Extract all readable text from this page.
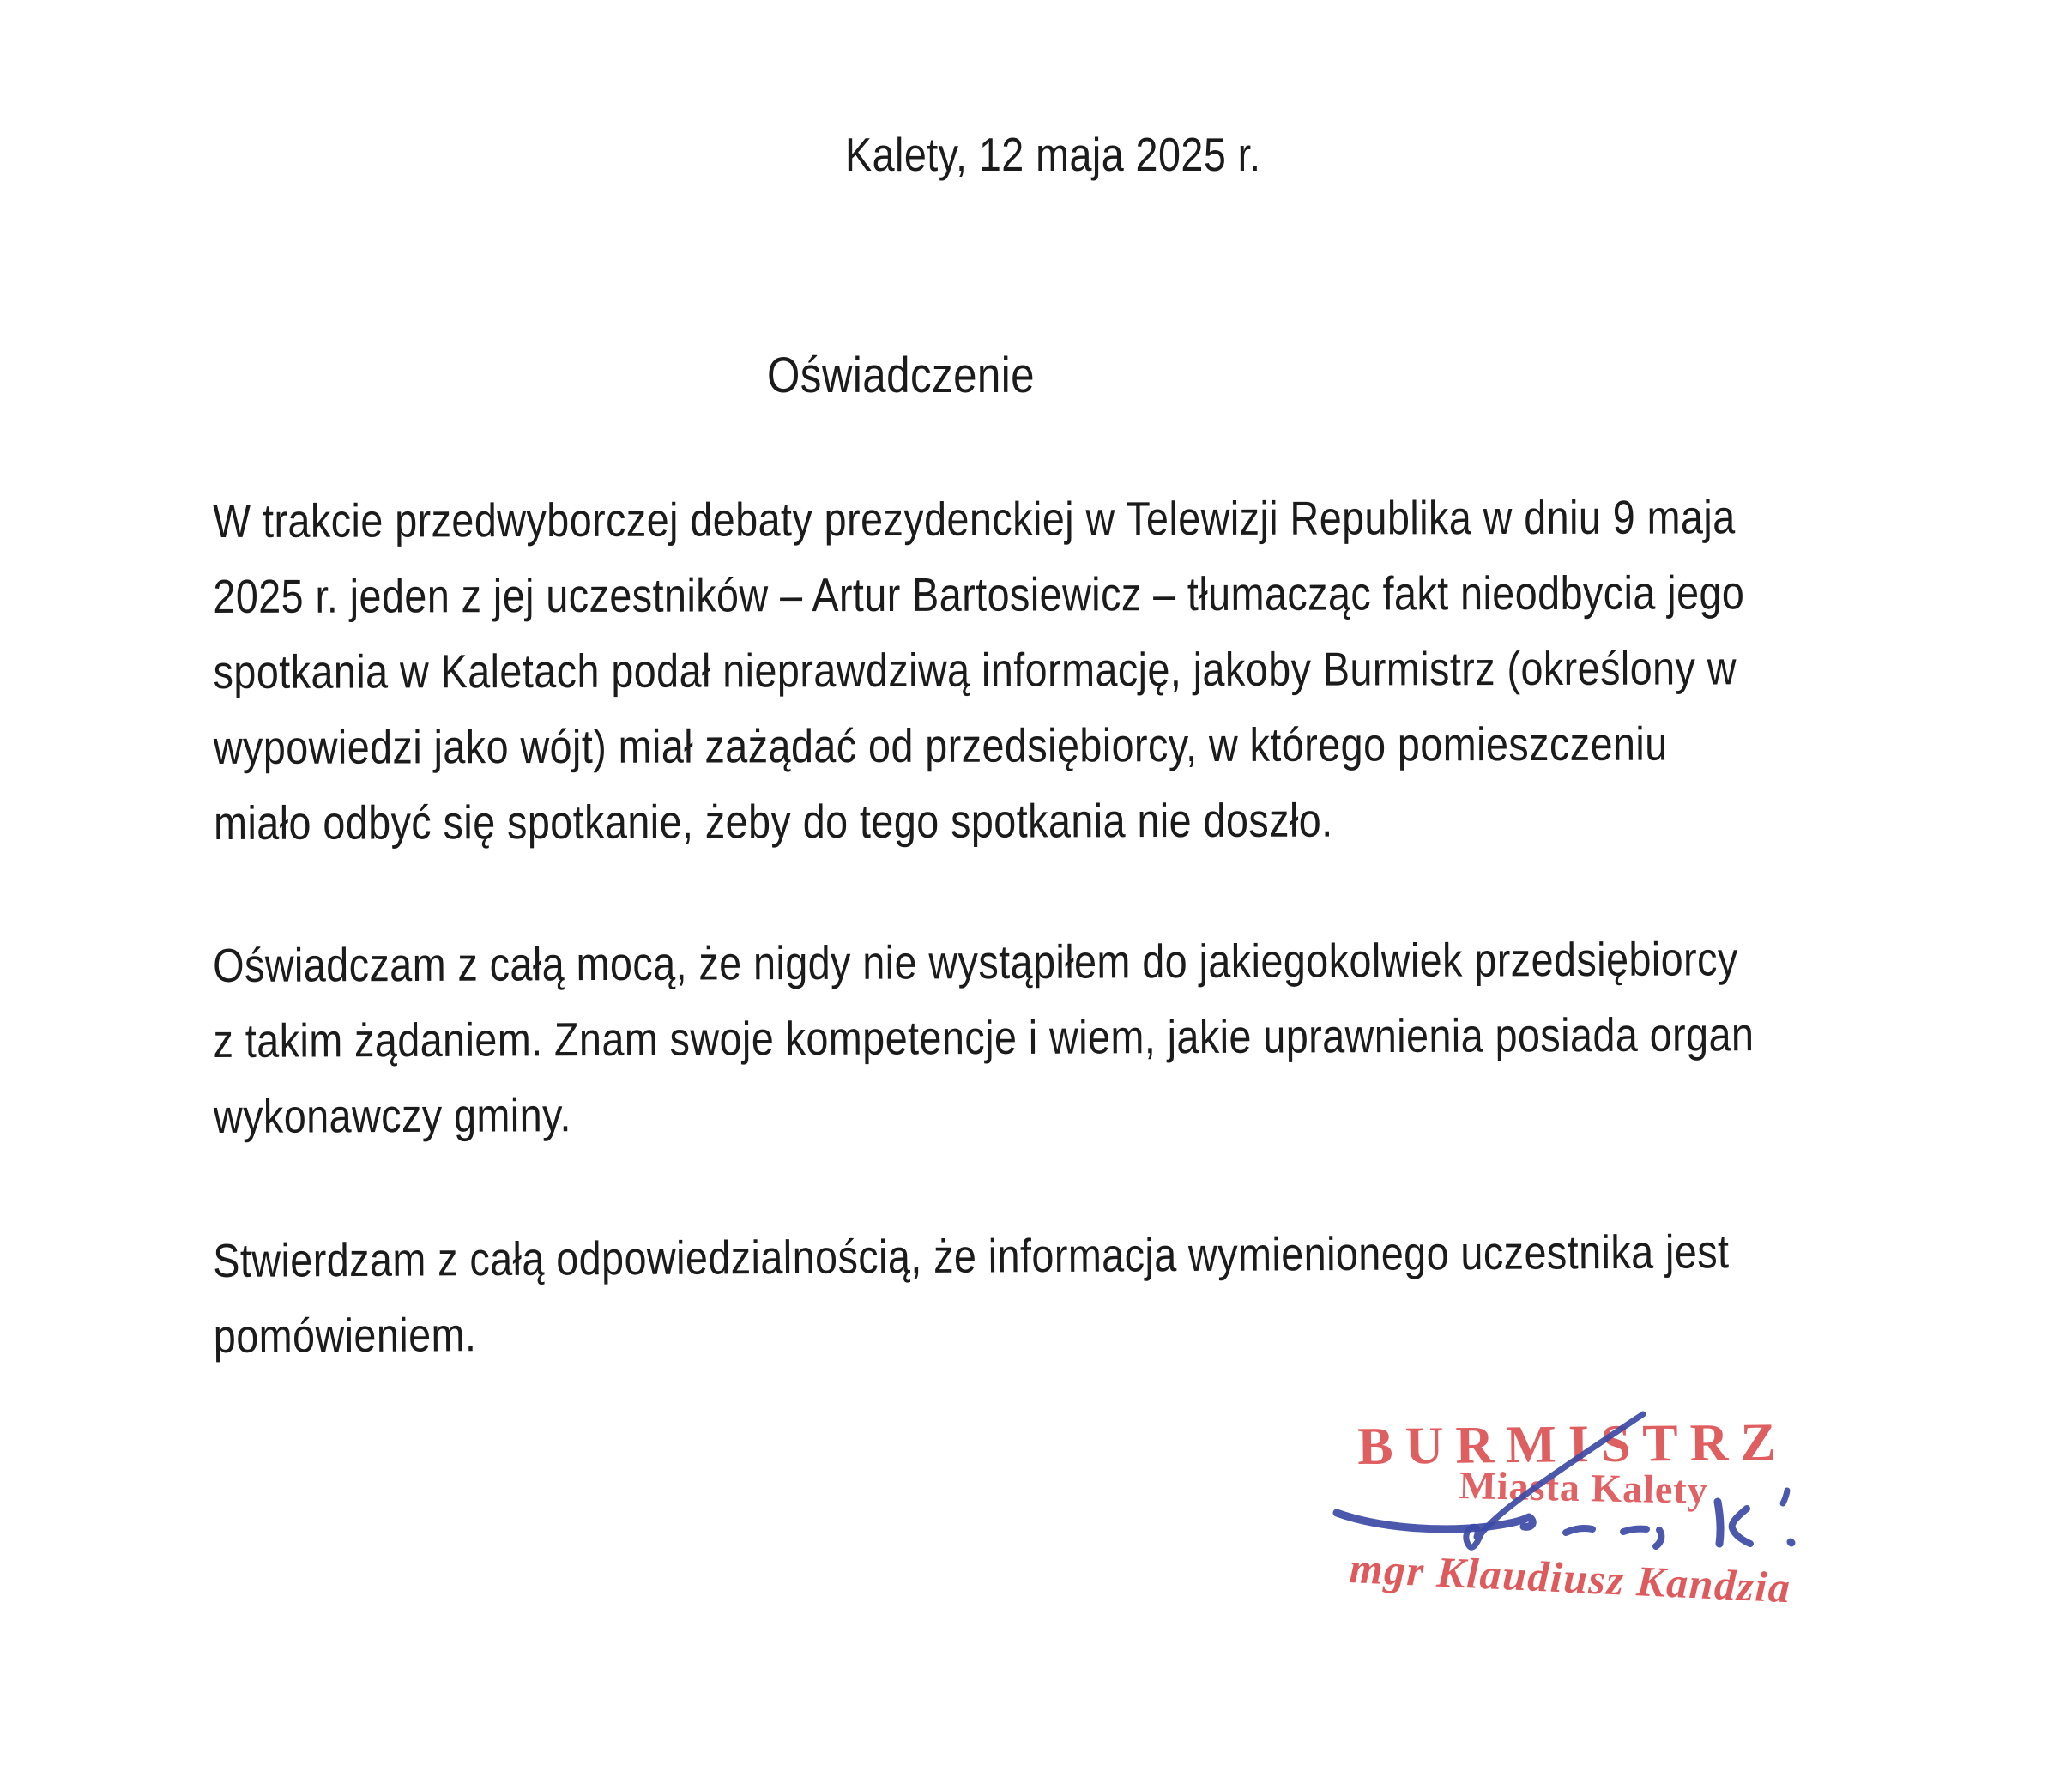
Kalety, 12 maja 2025 r.
Oświadczenie
W trakcie przedwyborczej debaty prezydenckiej w Telewizji Republika w dniu 9 maja
2025 r. jeden z jej uczestników – Artur Bartosiewicz – tłumacząc fakt nieodbycia jego
spotkania w Kaletach podał nieprawdziwą informację, jakoby Burmistrz (określony w
wypowiedzi jako wójt) miał zażądać od przedsiębiorcy, w którego pomieszczeniu
miało odbyć się spotkanie, żeby do tego spotkania nie doszło.
Oświadczam z całą mocą, że nigdy nie wystąpiłem do jakiegokolwiek przedsiębiorcy
z takim żądaniem. Znam swoje kompetencje i wiem, jakie uprawnienia posiada organ
wykonawczy gminy.
Stwierdzam z całą odpowiedzialnością, że informacja wymienionego uczestnika jest
pomówieniem.
BURMISTRZ
Miasta Kalety
mgr Klaudiusz Kandzia
